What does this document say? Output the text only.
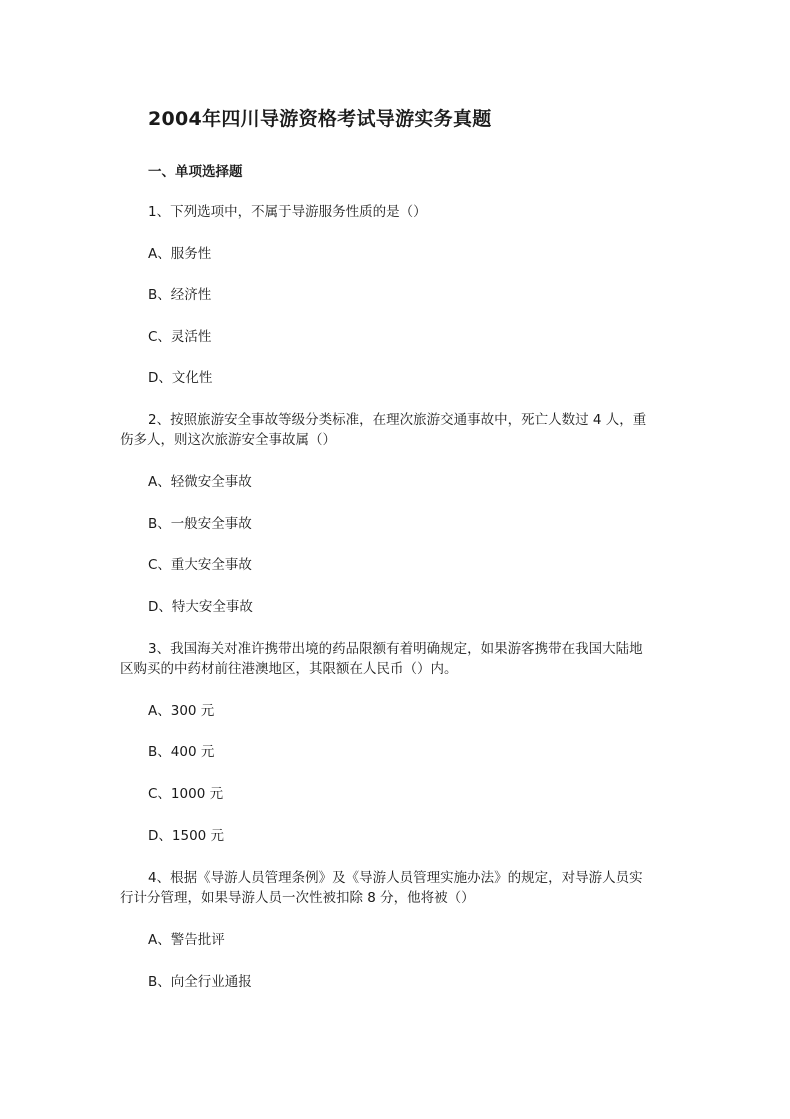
2004年四川导游资格考试导游实务真题
一、单项选择题
1、下列选项中，不属于导游服务性质的是（）
A、服务性
B、经济性
C、灵活性
D、文化性
2、按照旅游安全事故等级分类标准，在理次旅游交通事故中，死亡人数过 4 人，重
伤多人，则这次旅游安全事故属（）
A、轻微安全事故
B、一般安全事故
C、重大安全事故
D、特大安全事故
3、我国海关对准许携带出境的药品限额有着明确规定，如果游客携带在我国大陆地
区购买的中药材前往港澳地区，其限额在人民币（）内。
A、300 元
B、400 元
C、1000 元
D、1500 元
4、根据《导游人员管理条例》及《导游人员管理实施办法》的规定，对导游人员实
行计分管理，如果导游人员一次性被扣除 8 分，他将被（）
A、警告批评
B、向全行业通报
